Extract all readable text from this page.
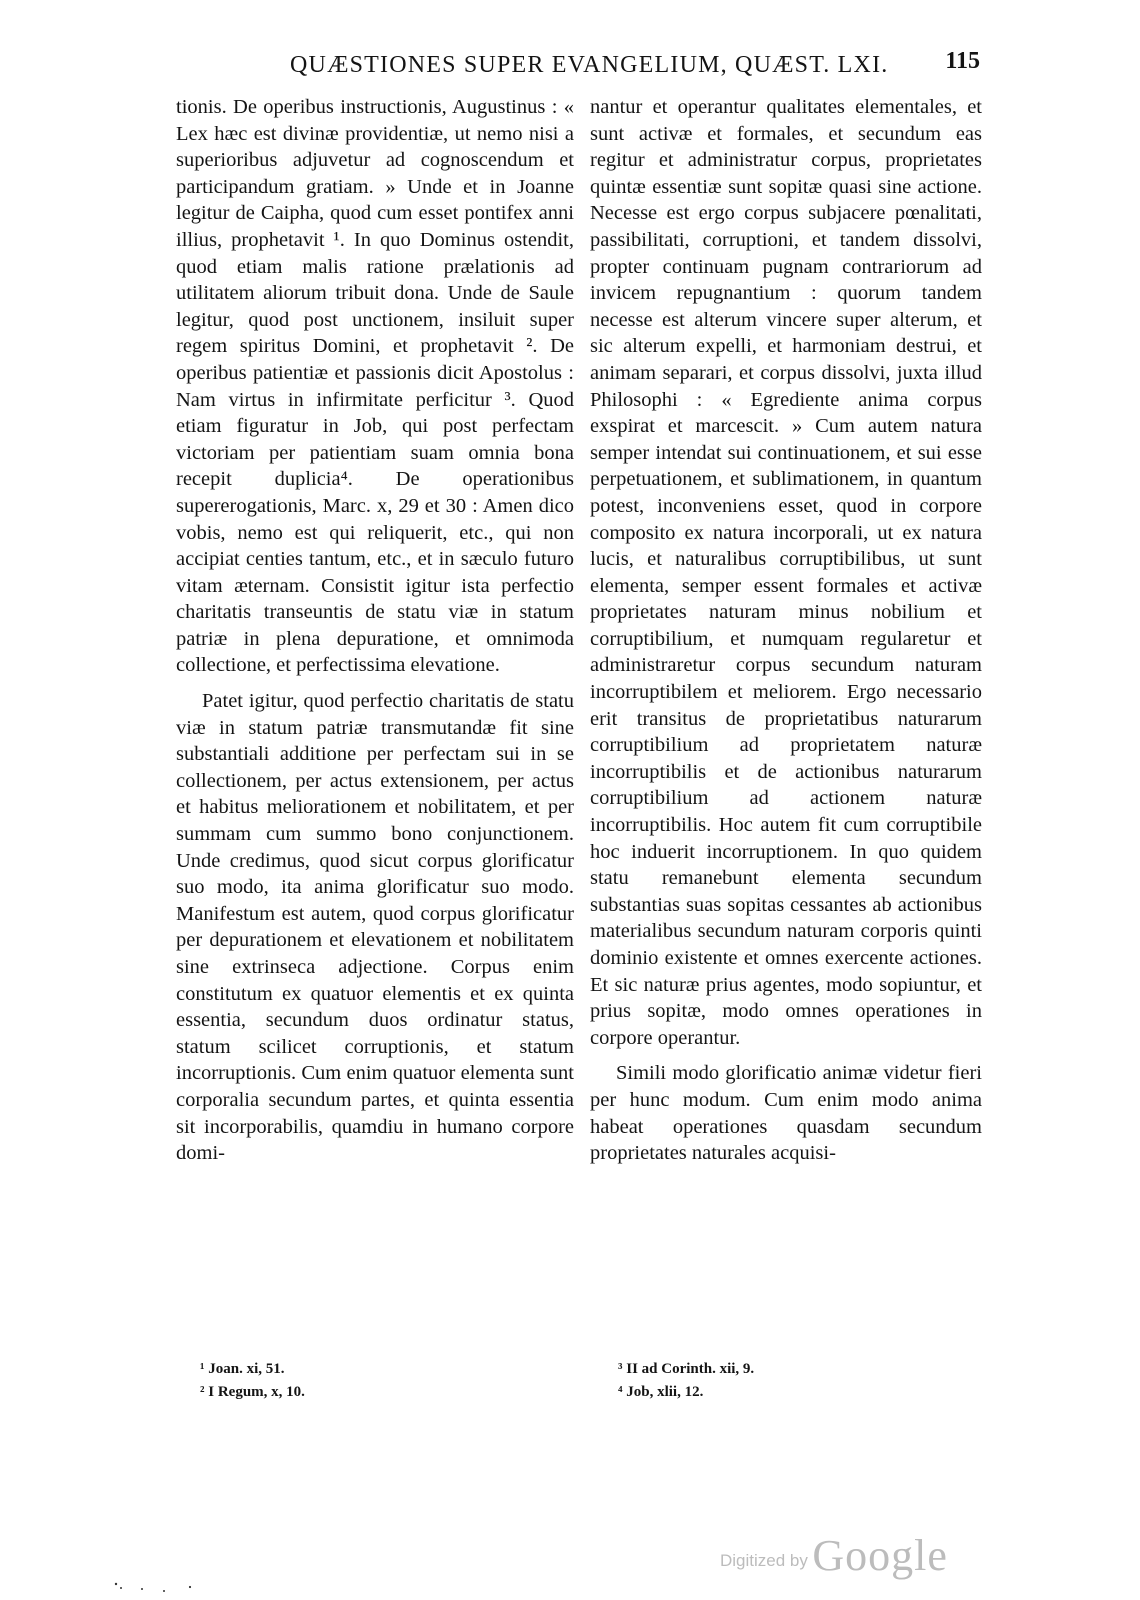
QUÆSTIONES SUPER EVANGELIUM, QUÆST. LXI. 115

tionis. De operibus instructionis, Augustinus : « Lex hæc est divinæ providentiæ, ut nemo nisi a superioribus adjuvetur ad cognoscendum et participandum gratiam. » Unde et in Joanne legitur de Caipha, quod cum esset pontifex anni illius, prophetavit ¹. In quo Dominus ostendit, quod etiam malis ratione prælationis ad utilitatem aliorum tribuit dona. Unde de Saule legitur, quod post unctionem, insiluit super regem spiritus Domini, et prophetavit ². De operibus patientiæ et passionis dicit Apostolus : Nam virtus in infirmitate perficitur ³. Quod etiam figuratur in Job, qui post perfectam victoriam per patientiam suam omnia bona recepit duplicia⁴. De operationibus supererogationis, Marc. x, 29 et 30 : Amen dico vobis, nemo est qui reliquerit, etc., qui non accipiat centies tantum, etc., et in sæculo futuro vitam æternam. Consistit igitur ista perfectio charitatis transeuntis de statu viæ in statum patriæ in plena depuratione, et omnimoda collectione, et perfectissima elevatione.

Patet igitur, quod perfectio charitatis de statu viæ in statum patriæ transmutandæ fit sine substantiali additione per perfectam sui in se collectionem, per actus extensionem, per actus et habitus meliorationem et nobilitatem, et per summam cum summo bono conjunctionem. Unde credimus, quod sicut corpus glorificatur suo modo, ita anima glorificatur suo modo. Manifestum est autem, quod corpus glorificatur per depurationem et elevationem et nobilitatem sine extrinseca adjectione. Corpus enim constitutum ex quatuor elementis et ex quinta essentia, secundum duos ordinatur status, statum scilicet corruptionis, et statum incorruptionis. Cum enim quatuor elementa sunt corporalia secundum partes, et quinta essentia sit incorporabilis, quamdiu in humano corpore domi-

nantur et operantur qualitates elementales, et sunt activæ et formales, et secundum eas regitur et administratur corpus, proprietates quintæ essentiæ sunt sopitæ quasi sine actione. Necesse est ergo corpus subjacere pœnalitati, passibilitati, corruptioni, et tandem dissolvi, propter continuam pugnam contrariorum ad invicem repugnantium : quorum tandem necesse est alterum vincere super alterum, et sic alterum expelli, et harmoniam destrui, et animam separari, et corpus dissolvi, juxta illud Philosophi : « Egrediente anima corpus exspirat et marcescit. » Cum autem natura semper intendat sui continuationem, et sui esse perpetuationem, et sublimationem, in quantum potest, inconveniens esset, quod in corpore composito ex natura incorporali, ut ex natura lucis, et naturalibus corruptibilibus, ut sunt elementa, semper essent formales et activæ proprietates naturam minus nobilium et corruptibilium, et numquam regularetur et administraretur corpus secundum naturam incorruptibilem et meliorem. Ergo necessario erit transitus de proprietatibus naturarum corruptibilium ad proprietatem naturæ incorruptibilis et de actionibus naturarum corruptibilium ad actionem naturæ incorruptibilis. Hoc autem fit cum corruptibile hoc induerit incorruptionem. In quo quidem statu remanebunt elementa secundum substantias suas sopitas cessantes ab actionibus materialibus secundum naturam corporis quinti dominio existente et omnes exercente actiones. Et sic naturæ prius agentes, modo sopiuntur, et prius sopitæ, modo omnes operationes in corpore operantur.

Simili modo glorificatio animæ videtur fieri per hunc modum. Cum enim modo anima habeat operationes quasdam secundum proprietates naturales acquisi-

¹ Joan. xi, 51.
² I Regum, x, 10.
³ II ad Corinth. xii, 9.
⁴ Job, xlii, 12.
Digitized by Google
